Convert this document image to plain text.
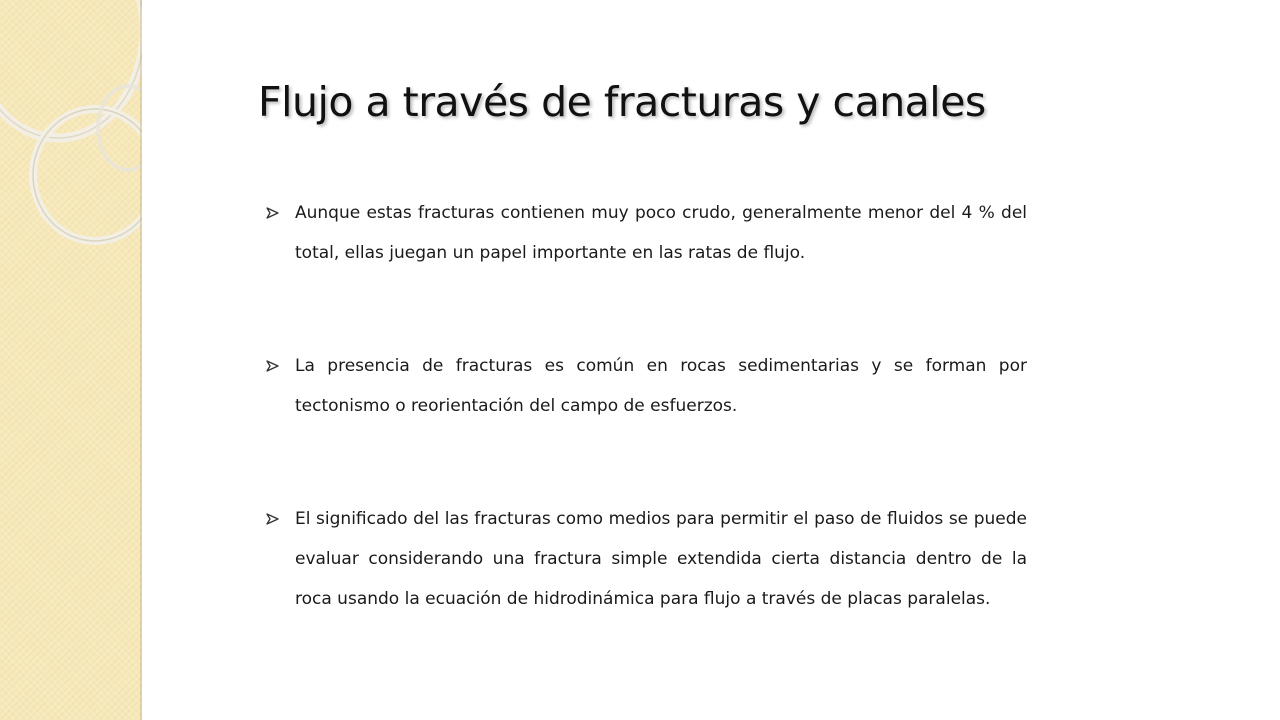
Flujo a través de fracturas y canales
Aunque estas fracturas contienen muy poco crudo, generalmente menor del 4 % del total, ellas juegan un papel importante en las ratas de flujo.
La presencia de fracturas es común en rocas sedimentarias y se forman por tectonismo o reorientación del campo de esfuerzos.
El significado del las fracturas como medios para permitir el paso de fluidos se puede evaluar considerando una fractura simple extendida cierta distancia dentro de la roca usando la ecuación de hidrodinámica para flujo a través de placas paralelas.
